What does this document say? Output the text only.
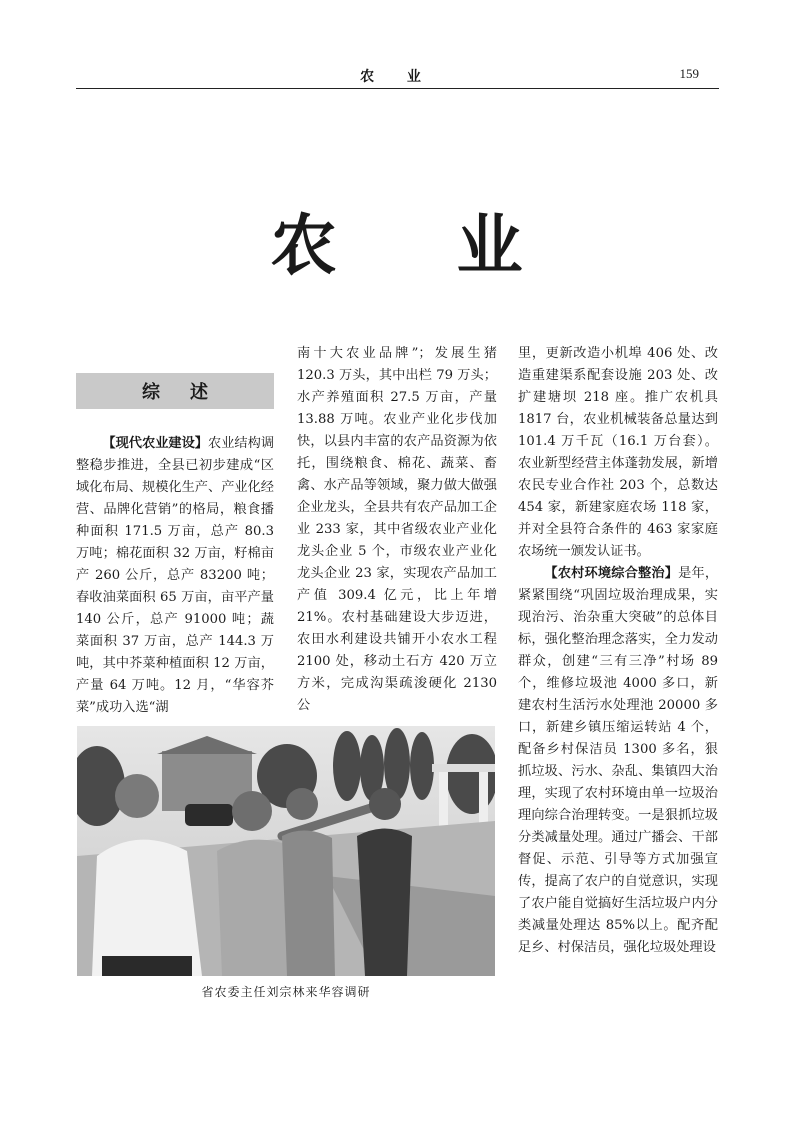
农 业	159
农业
综述

【现代农业建设】农业结构调整稳步推进，全县已初步建成“区域化布局、规模化生产、产业化经营、品牌化营销”的格局，粮食播种面积 171.5 万亩，总产 80.3 万吨；棉花面积 32 万亩，籽棉亩产 260 公斤，总产 83200 吨；春收油菜面积 65 万亩，亩平产量 140 公斤，总产 91000 吨；蔬菜面积 37 万亩，总产 144.3 万吨，其中芥菜种植面积 12 万亩，产量 64 万吨。12 月，“华容芥菜”成功入选“湖

南十大农业品牌”；发展生猪 120.3 万头，其中出栏 79 万头；水产养殖面积 27.5 万亩，产量 13.88 万吨。农业产业化步伐加快，以县内丰富的农产品资源为依托，围绕粮食、棉花、蔬菜、畜禽、水产品等领域，聚力做大做强企业龙头，全县共有农产品加工企业 233 家，其中省级农业产业化龙头企业 5 个，市级农业产业化龙头企业 23 家，实现农产品加工产值 309.4 亿元，比上年增 21%。农村基础建设大步迈进，农田水利建设共铺开小农水工程 2100 处，移动土石方 420 万立方米，完成沟渠疏浚硬化 2130 公

省农委主任刘宗林来华容调研

里，更新改造小机埠 406 处、改造重建渠系配套设施 203 处、改扩建塘坝 218 座。推广农机具 1817 台，农业机械装备总量达到 101.4 万千瓦（16.1 万台套）。农业新型经营主体蓬勃发展，新增农民专业合作社 203 个，总数达 454 家，新建家庭农场 118 家，并对全县符合条件的 463 家家庭农场统一颁发认证书。

【农村环境综合整治】是年，紧紧围绕“巩固垃圾治理成果，实现治污、治杂重大突破”的总体目标，强化整治理念落实，全力发动群众，创建“三有三净”村场 89 个，维修垃圾池 4000 多口，新建农村生活污水处理池 20000 多口，新建乡镇压缩运转站 4 个，配备乡村保洁员 1300 多名，狠抓垃圾、污水、杂乱、集镇四大治理，实现了农村环境由单一垃圾治理向综合治理转变。一是狠抓垃圾分类减量处理。通过广播会、干部督促、示范、引导等方式加强宣传，提高了农户的自觉意识，实现了农户能自觉搞好生活垃圾户内分类减量处理达 85%以上。配齐配足乡、村保洁员，强化垃圾处理设
